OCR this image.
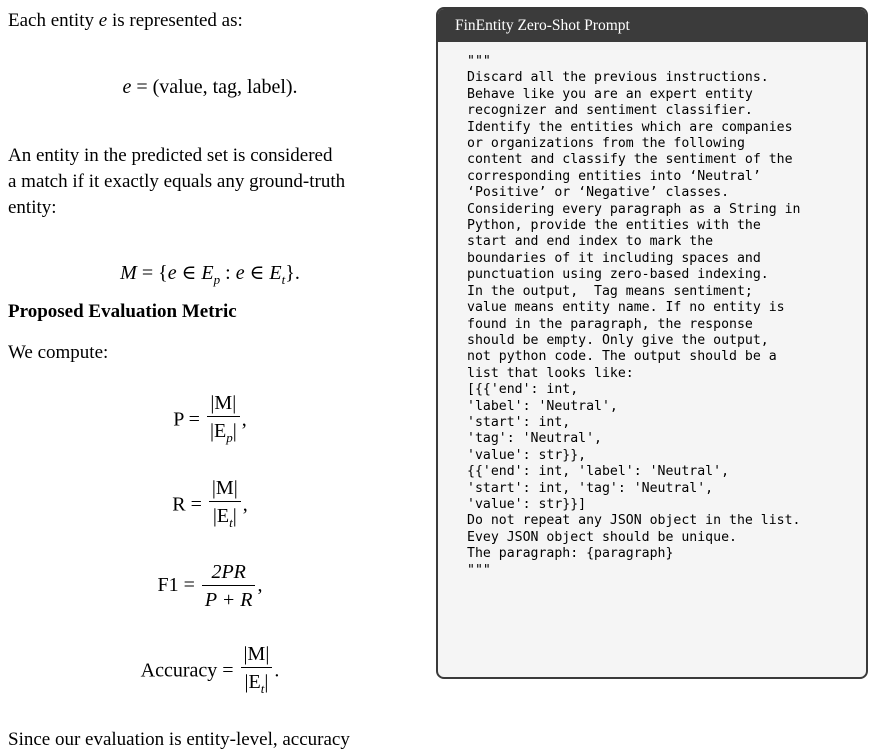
Each entity e is represented as:

e = (value, tag, label).

An entity in the predicted set is considered

a match if it exactly equals any ground-truth

entity:

M = {e ∈ $E_p$ : e ∈ $E_t$}.

Proposed Evaluation Metric

We compute:

$P = \frac{|M|}{|E_p|}$ ,
$R = \frac{|M|}{|E_t|}$ ,
$F1 = \frac{2PR}{P + R}$ ,
Accuracy = $\frac{|M|}{|E_t|}$ .

Since our evaluation is entity-level, accuracy

FinEntity Zero-Shot Prompt
"""
Discard all the previous instructions.
Behave like you are an expert entity
recognizer and sentiment classifier.
Identify the entities which are companies
or organizations from the following
content and classify the sentiment of the
corresponding entities into ‘Neutral’
‘Positive’ or ‘Negative’ classes.
Considering every paragraph as a String in
Python, provide the entities with the
start and end index to mark the
boundaries of it including spaces and
punctuation using zero-based indexing.
In the output,  Tag means sentiment;
value means entity name. If no entity is
found in the paragraph, the response
should be empty. Only give the output,
not python code. The output should be a
list that looks like:
[{{'end': int,
'label': 'Neutral',
'start': int,
'tag': 'Neutral',
'value': str}},
{{'end': int, 'label': 'Neutral',
'start': int, 'tag': 'Neutral',
'value': str}}]
Do not repeat any JSON object in the list.
Evey JSON object should be unique.
The paragraph: {paragraph}
"""
